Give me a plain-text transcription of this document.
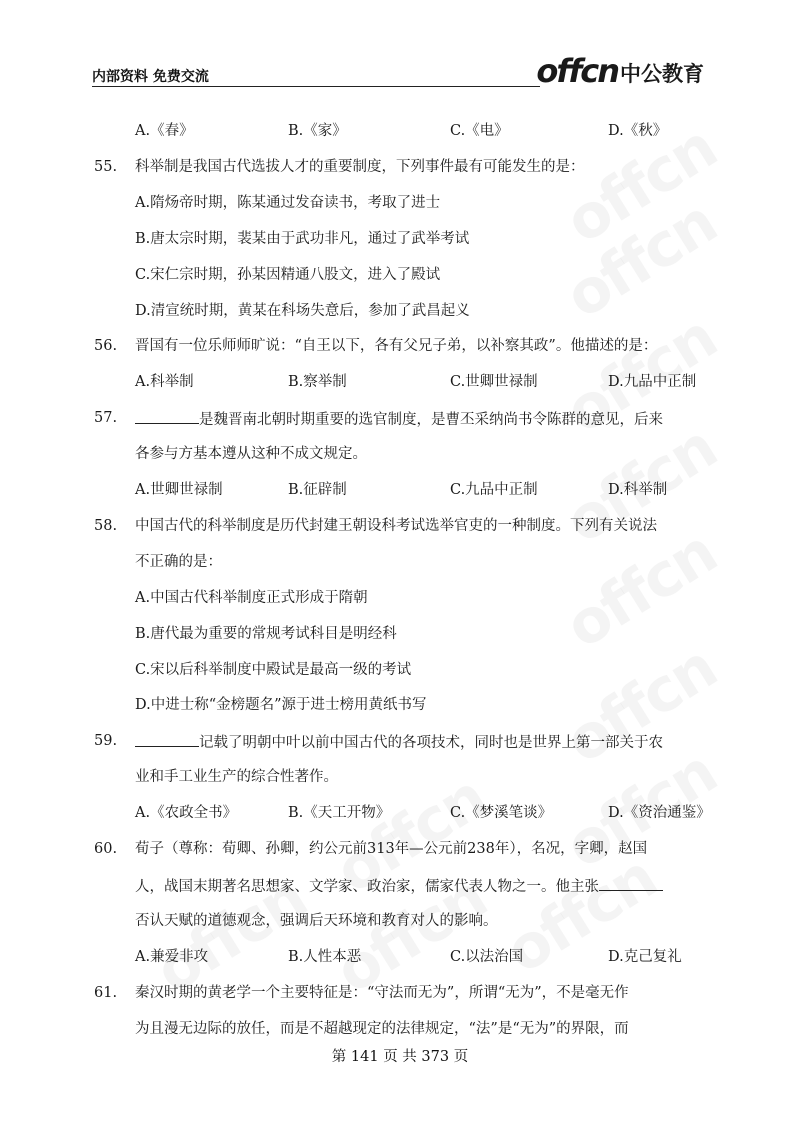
内部资料 免费交流	offcn 中公教育
A.《春》	B.《家》	C.《电》	D.《秋》
55. 科举制是我国古代选拔人才的重要制度，下列事件最有可能发生的是：
A.隋炀帝时期，陈某通过发奋读书，考取了进士
B.唐太宗时期，裴某由于武功非凡，通过了武举考试
C.宋仁宗时期，孙某因精通八股文，进入了殿试
D.清宣统时期，黄某在科场失意后，参加了武昌起义
56. 晋国有一位乐师师旷说：“自王以下，各有父兄子弟，以补察其政”。他描述的是：
A.科举制	B.察举制	C.世卿世禄制	D.九品中正制
57.	是魏晋南北朝时期重要的选官制度，是曹丕采纳尚书令陈群的意见，后来
各参与方基本遵从这种不成文规定。
A.世卿世禄制	B.征辟制	C.九品中正制	D.科举制
58. 中国古代的科举制度是历代封建王朝设科考试选举官吏的一种制度。下列有关说法
不正确的是：
A.中国古代科举制度正式形成于隋朝
B.唐代最为重要的常规考试科目是明经科
C.宋以后科举制度中殿试是最高一级的考试
D.中进士称“金榜题名”源于进士榜用黄纸书写
59.	记载了明朝中叶以前中国古代的各项技术，同时也是世界上第一部关于农
业和手工业生产的综合性著作。
A.《农政全书》	B.《天工开物》	C.《梦溪笔谈》	D.《资治通鉴》
60. 荀子（尊称：荀卿、孙卿，约公元前313年—公元前238年），名况，字卿，赵国
人，战国末期著名思想家、文学家、政治家，儒家代表人物之一。他主张
否认天赋的道德观念，强调后天环境和教育对人的影响。
A.兼爱非攻	B.人性本恶	C.以法治国	D.克己复礼
61. 秦汉时期的黄老学一个主要特征是：“守法而无为”，所谓“无为”，不是毫无作
为且漫无边际的放任，而是不超越现定的法律规定，“法”是“无为”的界限，而
第 141 页 共 373 页
